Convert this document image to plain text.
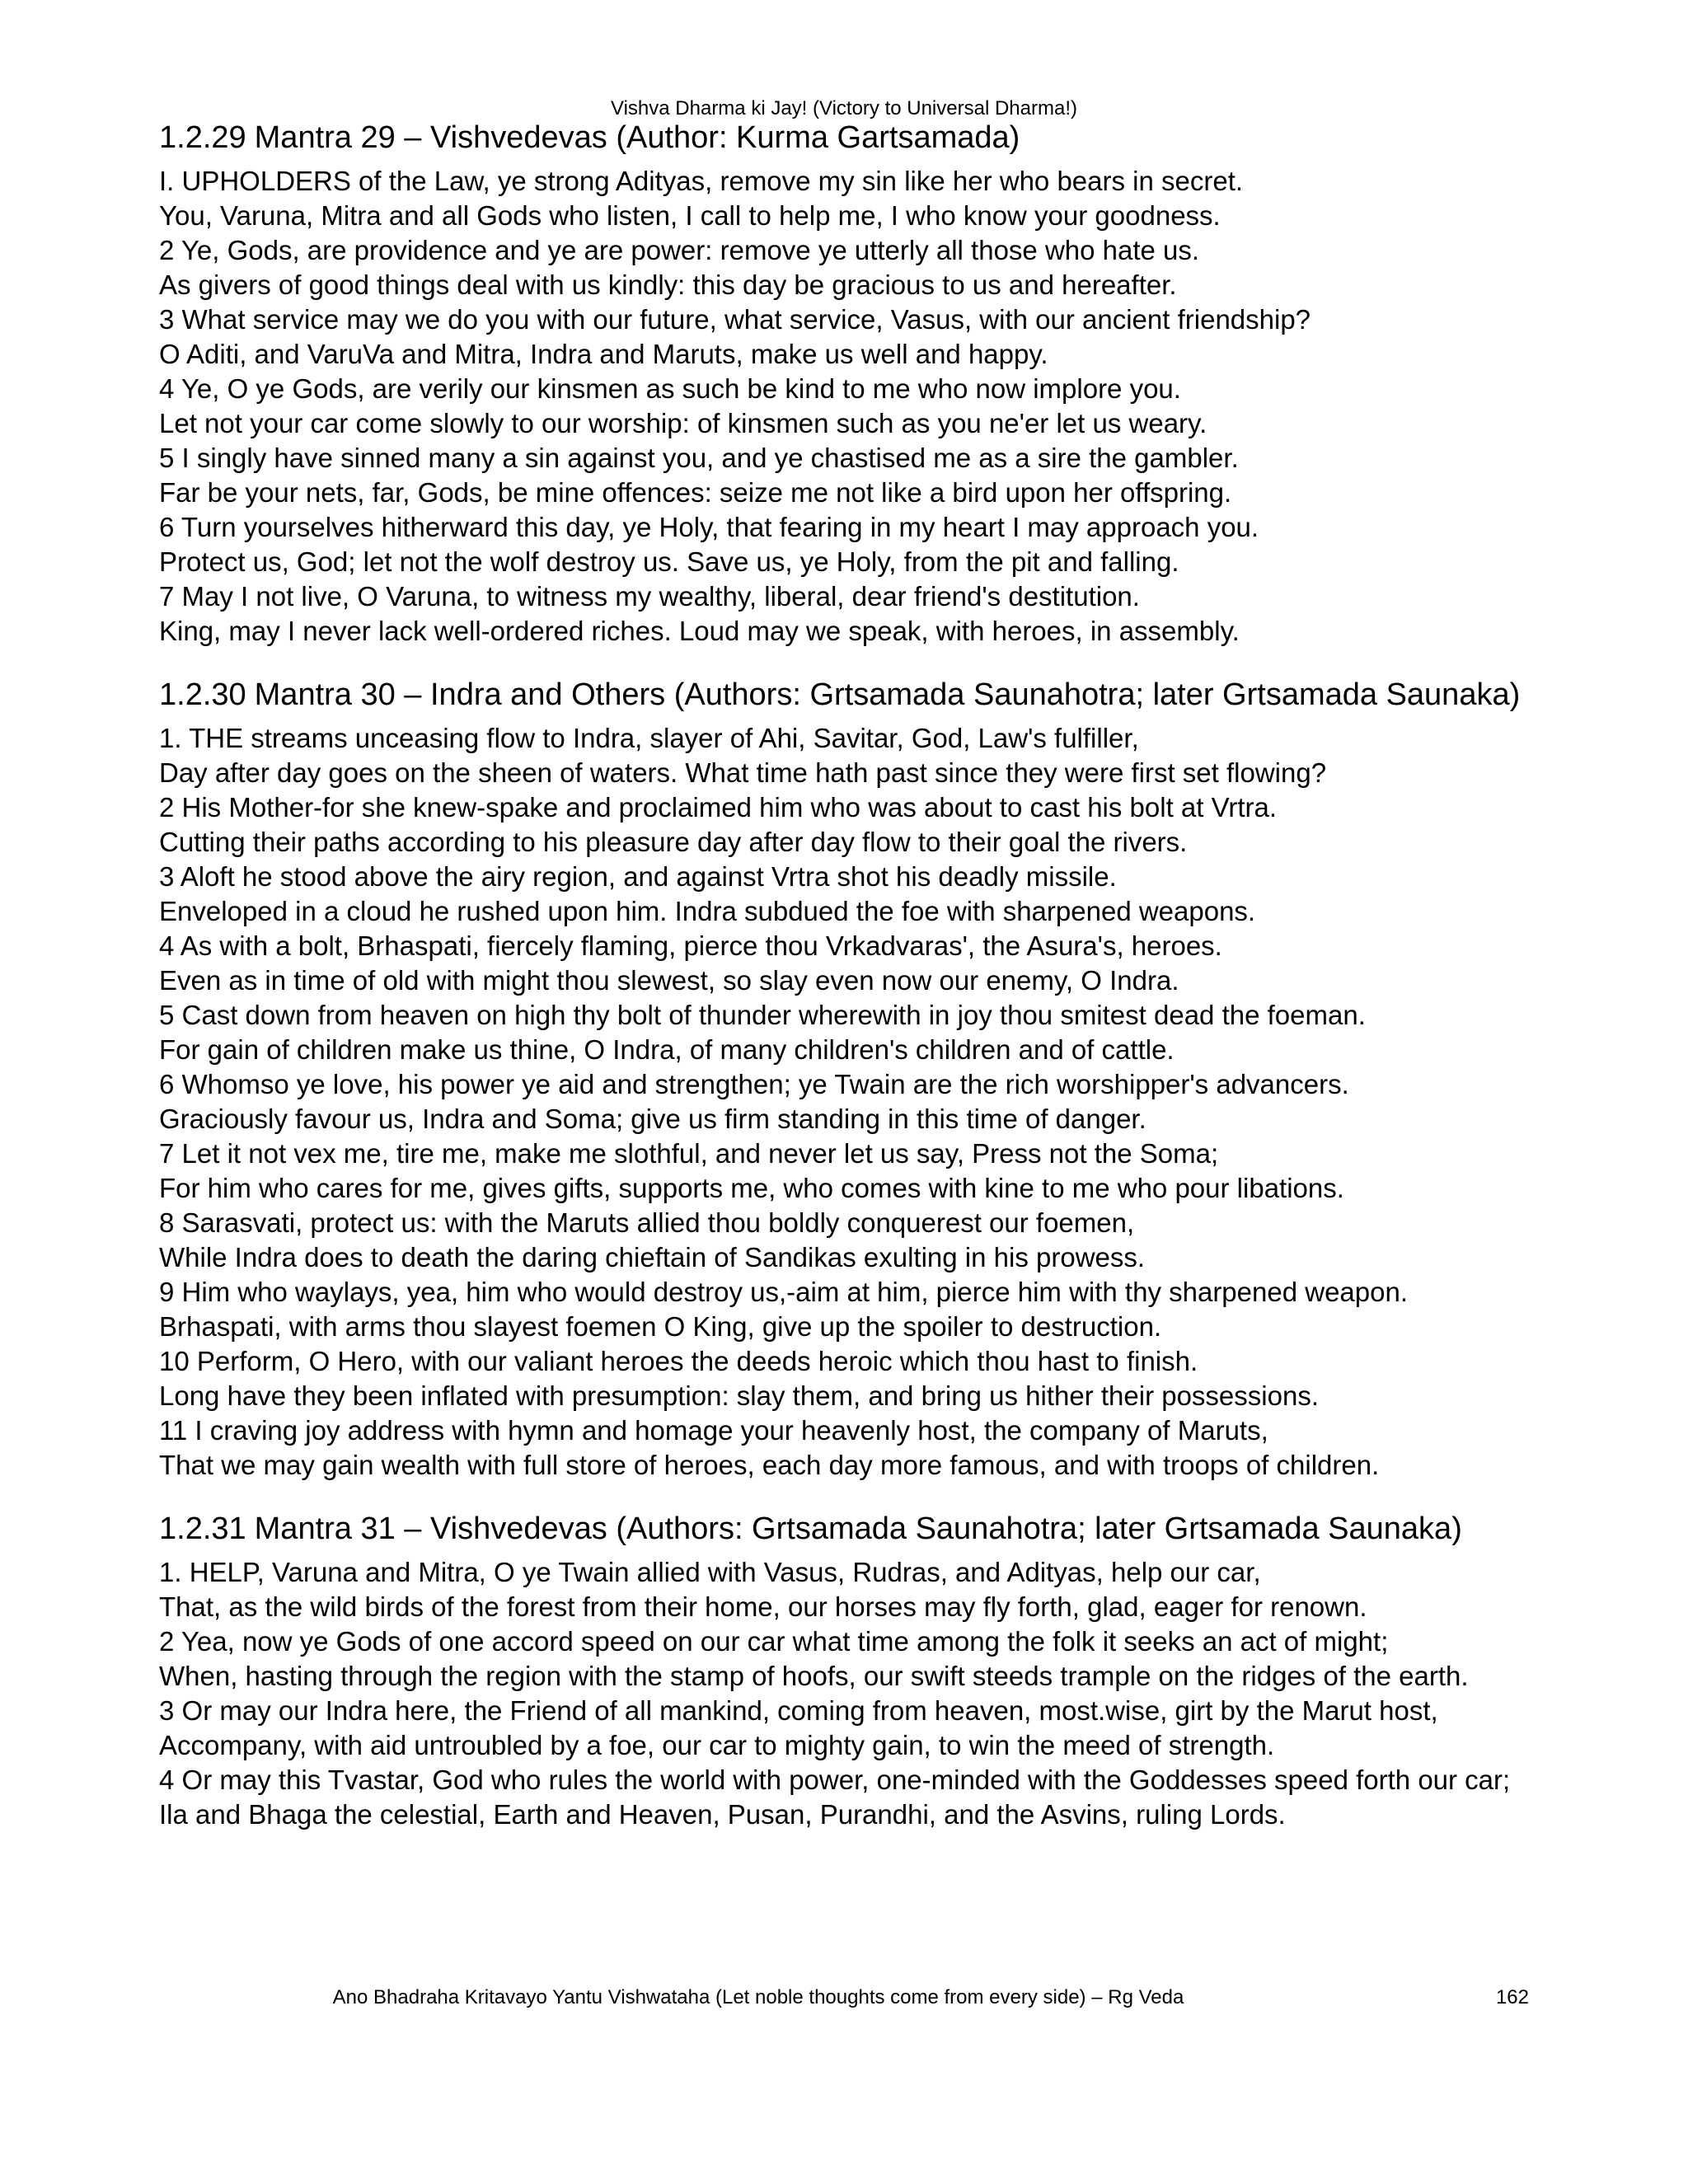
Vishva Dharma ki Jay! (Victory to Universal Dharma!)
1.2.29 Mantra 29 – Vishvedevas (Author: Kurma Gartsamada)
I. UPHOLDERS of the Law, ye strong Adityas, remove my sin like her who bears in secret.
You, Varuna, Mitra and all Gods who listen, I call to help me, I who know your goodness.
2 Ye, Gods, are providence and ye are power: remove ye utterly all those who hate us.
As givers of good things deal with us kindly: this day be gracious to us and hereafter.
3 What service may we do you with our future, what service, Vasus, with our ancient friendship?
O Aditi, and VaruVa and Mitra, Indra and Maruts, make us well and happy.
4 Ye, O ye Gods, are verily our kinsmen as such be kind to me who now implore you.
Let not your car come slowly to our worship: of kinsmen such as you ne'er let us weary.
5 I singly have sinned many a sin against you, and ye chastised me as a sire the gambler.
Far be your nets, far, Gods, be mine offences: seize me not like a bird upon her offspring.
6 Turn yourselves hitherward this day, ye Holy, that fearing in my heart I may approach you.
Protect us, God; let not the wolf destroy us. Save us, ye Holy, from the pit and falling.
7 May I not live, O Varuna, to witness my wealthy, liberal, dear friend's destitution.
King, may I never lack well-ordered riches. Loud may we speak, with heroes, in assembly.
1.2.30 Mantra 30 – Indra and Others (Authors: Grtsamada Saunahotra; later Grtsamada Saunaka)
1. THE streams unceasing flow to Indra, slayer of Ahi, Savitar, God, Law's fulfiller,
Day after day goes on the sheen of waters. What time hath past since they were first set flowing?
2 His Mother-for she knew-spake and proclaimed him who was about to cast his bolt at Vrtra.
Cutting their paths according to his pleasure day after day flow to their goal the rivers.
3 Aloft he stood above the airy region, and against Vrtra shot his deadly missile.
Enveloped in a cloud he rushed upon him. Indra subdued the foe with sharpened weapons.
4 As with a bolt, Brhaspati, fiercely flaming, pierce thou Vrkadvaras', the Asura's, heroes.
Even as in time of old with might thou slewest, so slay even now our enemy, O Indra.
5 Cast down from heaven on high thy bolt of thunder wherewith in joy thou smitest dead the foeman.
For gain of children make us thine, O Indra, of many children's children and of cattle.
6 Whomso ye love, his power ye aid and strengthen; ye Twain are the rich worshipper's advancers.
Graciously favour us, Indra and Soma; give us firm standing in this time of danger.
7 Let it not vex me, tire me, make me slothful, and never let us say, Press not the Soma;
For him who cares for me, gives gifts, supports me, who comes with kine to me who pour libations.
8 Sarasvati, protect us: with the Maruts allied thou boldly conquerest our foemen,
While Indra does to death the daring chieftain of Sandikas exulting in his prowess.
9 Him who waylays, yea, him who would destroy us,-aim at him, pierce him with thy sharpened weapon.
Brhaspati, with arms thou slayest foemen O King, give up the spoiler to destruction.
10 Perform, O Hero, with our valiant heroes the deeds heroic which thou hast to finish.
Long have they been inflated with presumption: slay them, and bring us hither their possessions.
11 I craving joy address with hymn and homage your heavenly host, the company of Maruts,
That we may gain wealth with full store of heroes, each day more famous, and with troops of children.
1.2.31 Mantra 31 – Vishvedevas (Authors: Grtsamada Saunahotra; later Grtsamada Saunaka)
1. HELP, Varuna and Mitra, O ye Twain allied with Vasus, Rudras, and Adityas, help our car,
That, as the wild birds of the forest from their home, our horses may fly forth, glad, eager for renown.
2 Yea, now ye Gods of one accord speed on our car what time among the folk it seeks an act of might;
When, hasting through the region with the stamp of hoofs, our swift steeds trample on the ridges of the earth.
3 Or may our Indra here, the Friend of all mankind, coming from heaven, most.wise, girt by the Marut host,
Accompany, with aid untroubled by a foe, our car to mighty gain, to win the meed of strength.
4 Or may this Tvastar, God who rules the world with power, one-minded with the Goddesses speed forth our car;
Ila and Bhaga the celestial, Earth and Heaven, Pusan, Purandhi, and the Asvins, ruling Lords.
Ano Bhadraha Kritavayo Yantu Vishwataha (Let noble thoughts come from every side) – Rg Veda	162
